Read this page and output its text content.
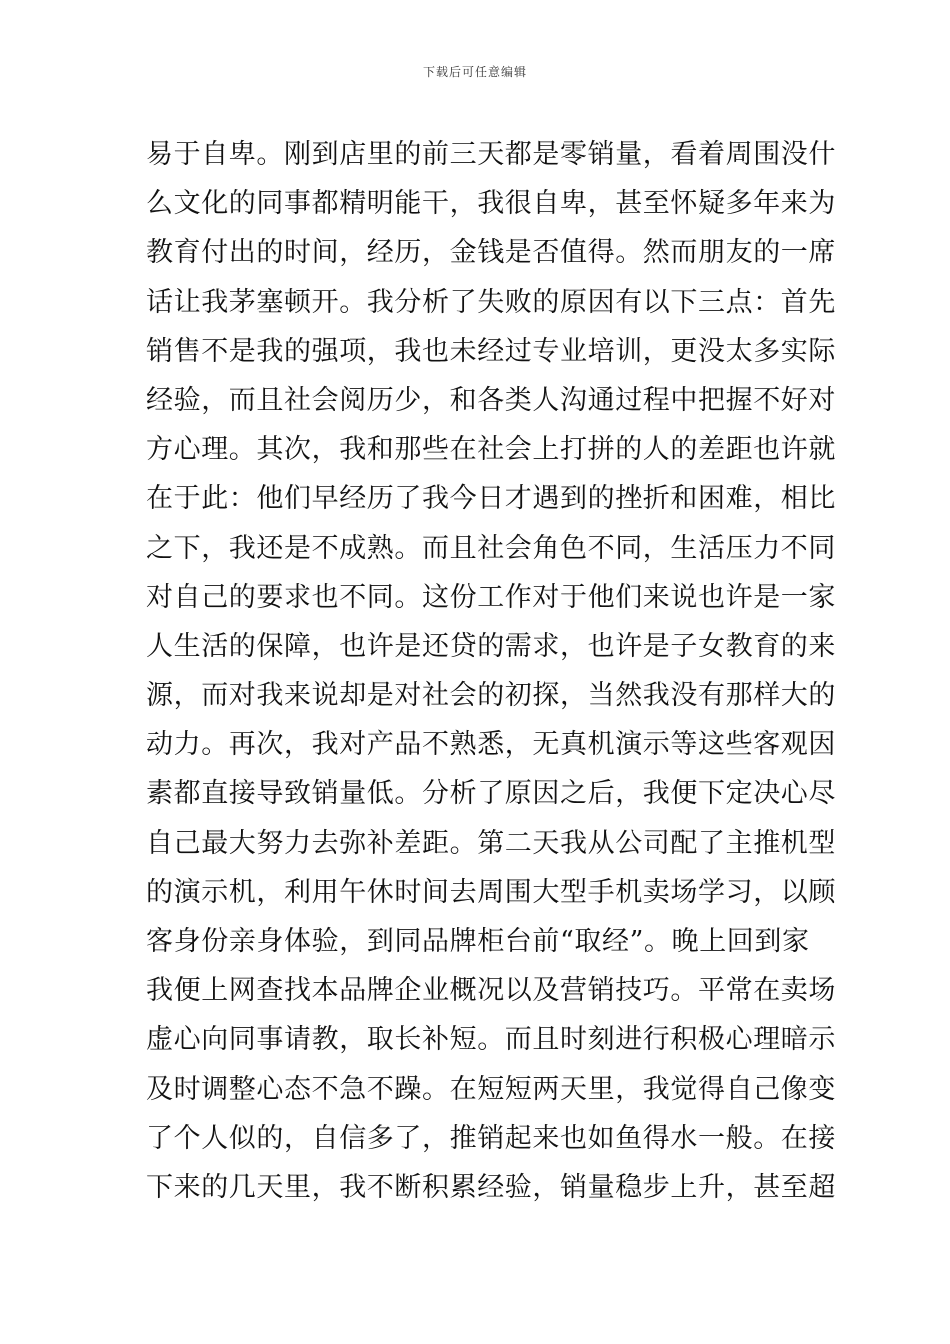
下载后可任意编辑
易于自卑。刚到店里的前三天都是零销量，看着周围没什
么文化的同事都精明能干，我很自卑，甚至怀疑多年来为
教育付出的时间，经历，金钱是否值得。然而朋友的一席
话让我茅塞顿开。我分析了失败的原因有以下三点：首先
销售不是我的强项，我也未经过专业培训，更没太多实际
经验，而且社会阅历少，和各类人沟通过程中把握不好对
方心理。其次，我和那些在社会上打拼的人的差距也许就
在于此：他们早经历了我今日才遇到的挫折和困难，相比
之下，我还是不成熟。而且社会角色不同，生活压力不同
对自己的要求也不同。这份工作对于他们来说也许是一家
人生活的保障，也许是还贷的需求，也许是子女教育的来
源，而对我来说却是对社会的初探，当然我没有那样大的
动力。再次，我对产品不熟悉，无真机演示等这些客观因
素都直接导致销量低。分析了原因之后，我便下定决心尽
自己最大努力去弥补差距。第二天我从公司配了主推机型
的演示机，利用午休时间去周围大型手机卖场学习，以顾
客身份亲身体验，到同品牌柜台前“取经”。晚上回到家
我便上网查找本品牌企业概况以及营销技巧。平常在卖场
虚心向同事请教，取长补短。而且时刻进行积极心理暗示
及时调整心态不急不躁。在短短两天里，我觉得自己像变
了个人似的，自信多了，推销起来也如鱼得水一般。在接
下来的几天里，我不断积累经验，销量稳步上升，甚至超
